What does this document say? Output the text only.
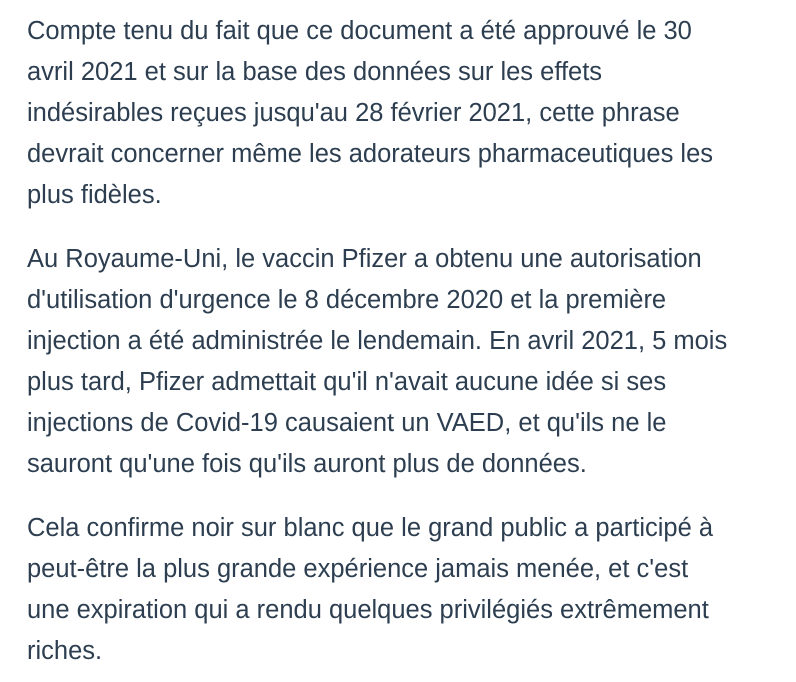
Compte tenu du fait que ce document a été approuvé le 30
avril 2021 et sur la base des données sur les effets
indésirables reçues jusqu'au 28 février 2021, cette phrase
devrait concerner même les adorateurs pharmaceutiques les
plus fidèles.

Au Royaume-Uni, le vaccin Pfizer a obtenu une autorisation
d'utilisation d'urgence le 8 décembre 2020 et la première
injection a été administrée le lendemain. En avril 2021, 5 mois
plus tard, Pfizer admettait qu'il n'avait aucune idée si ses
injections de Covid-19 causaient un VAED, et qu'ils ne le
sauront qu'une fois qu'ils auront plus de données.

Cela confirme noir sur blanc que le grand public a participé à
peut-être la plus grande expérience jamais menée, et c'est
une expiration qui a rendu quelques privilégiés extrêmement
riches.
